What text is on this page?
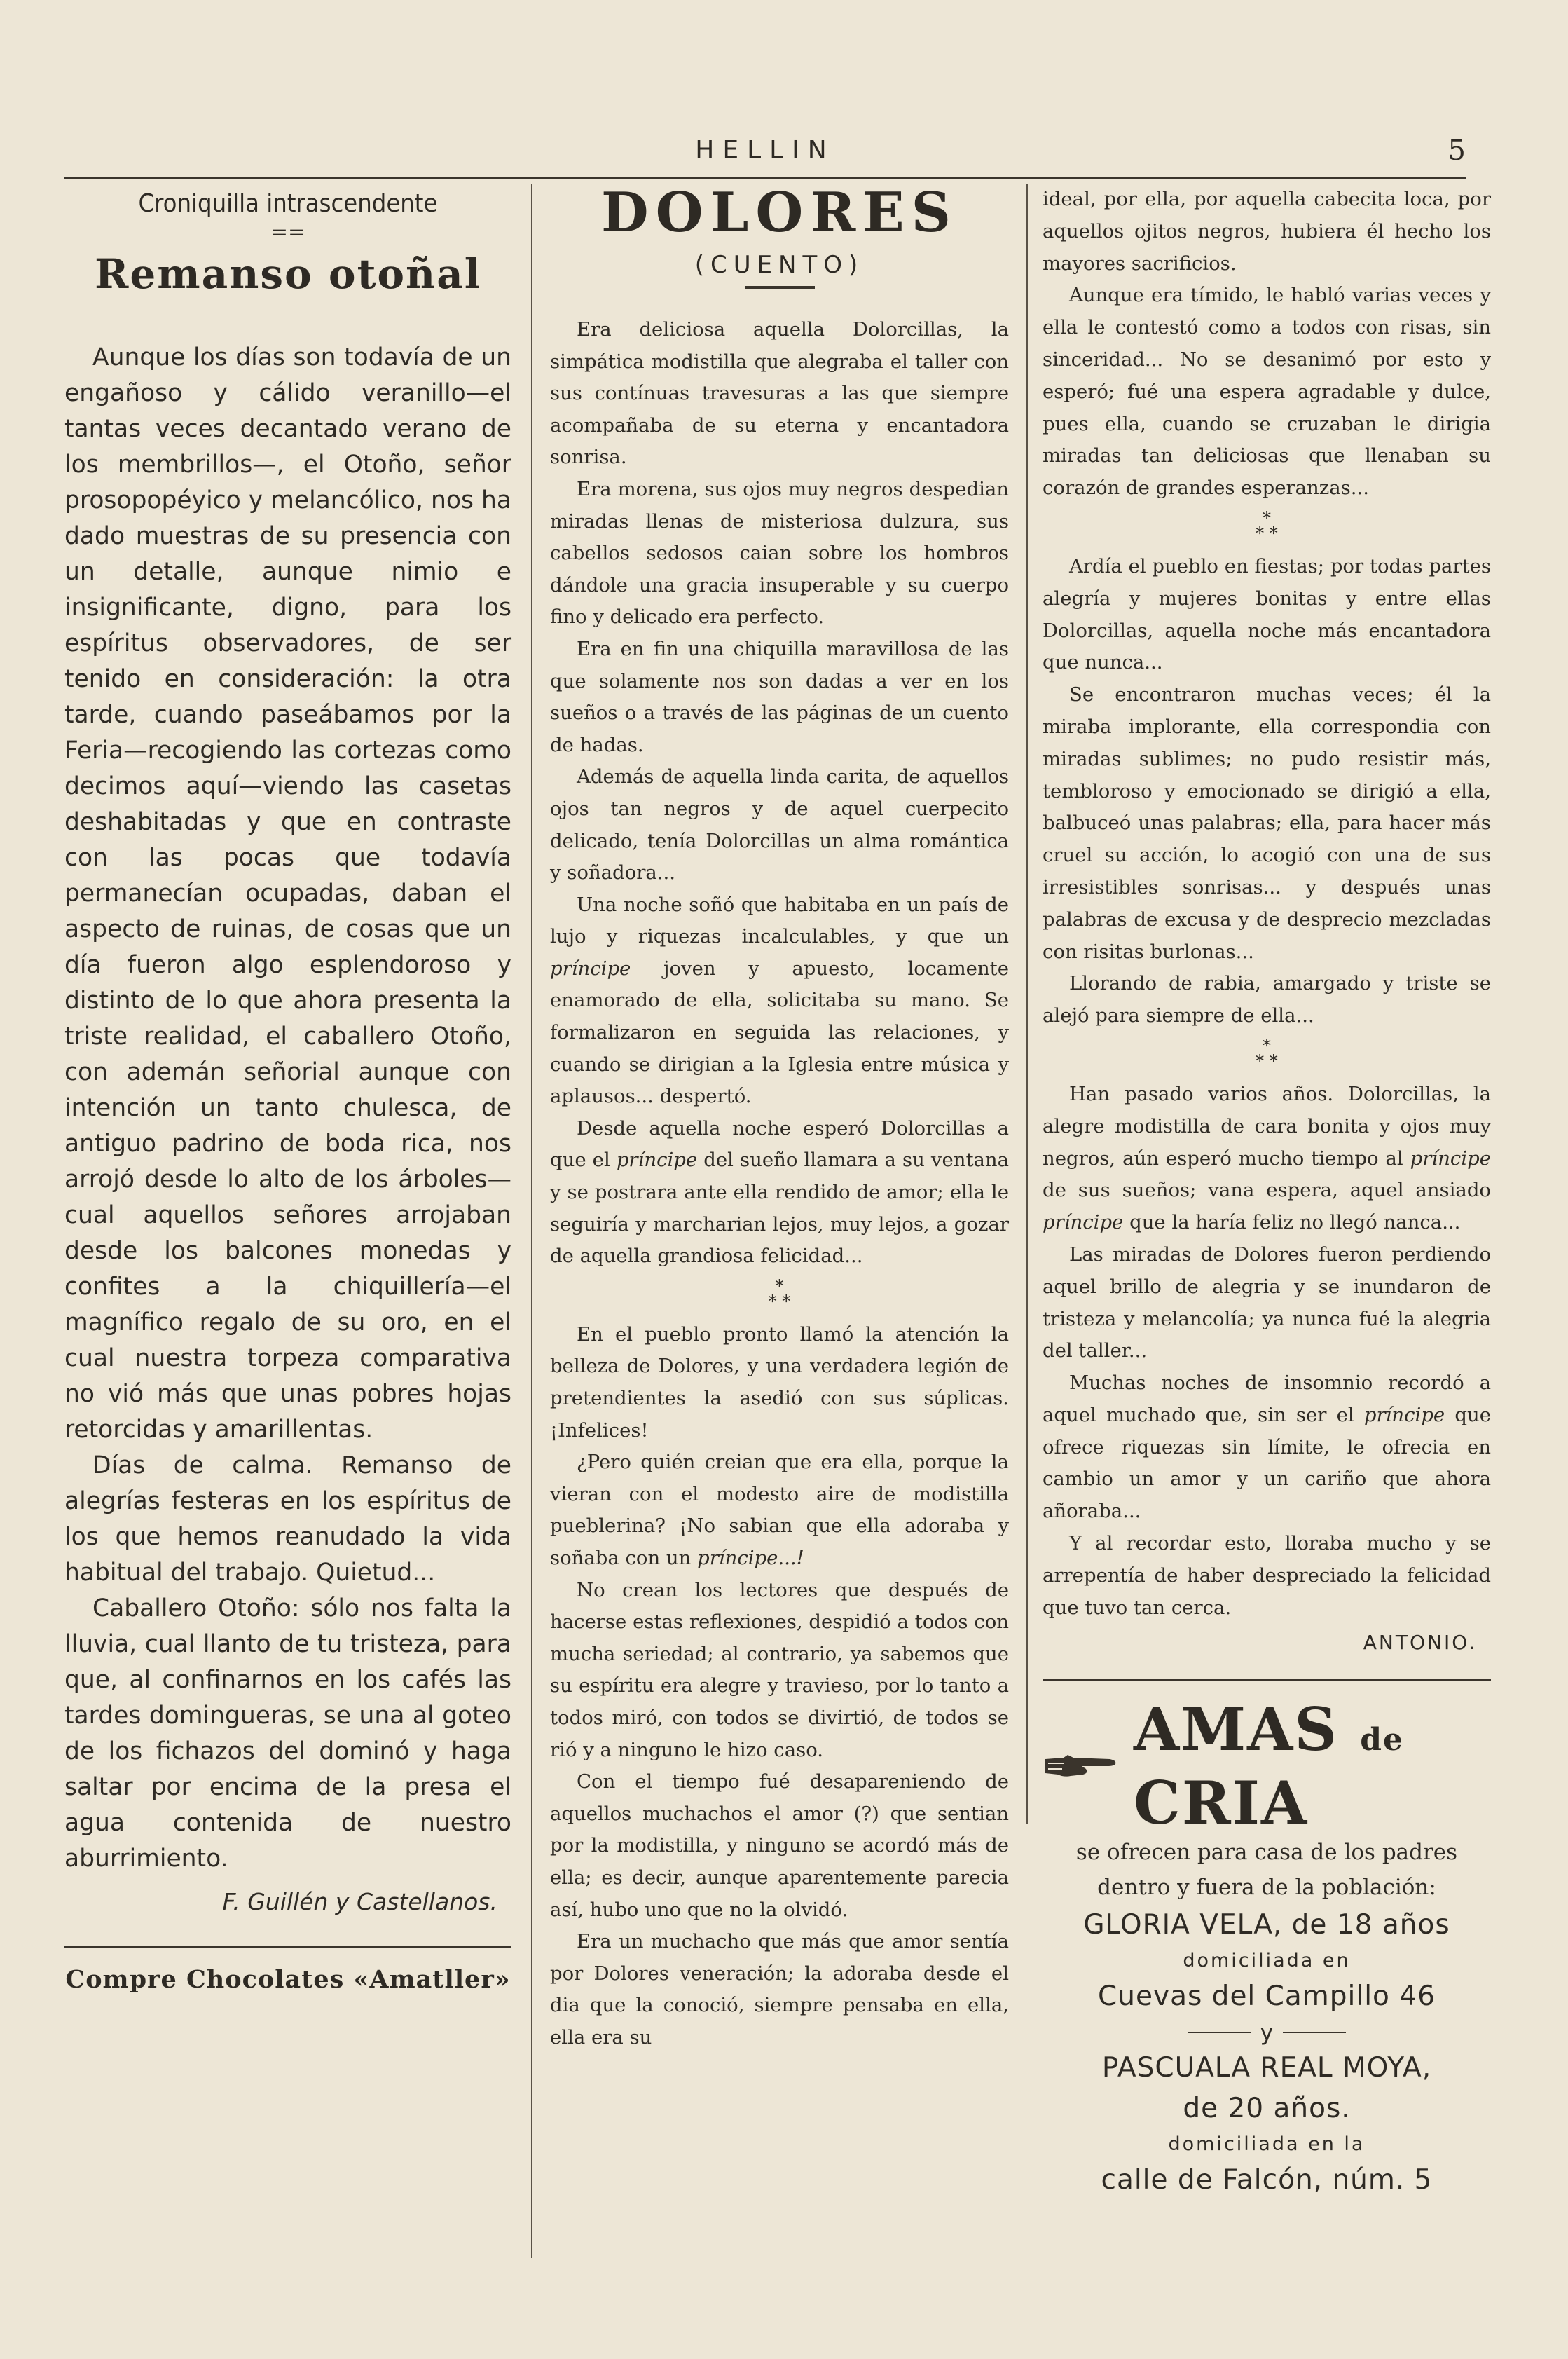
HELLIN	5
Croniquilla intrascendente
==
Remanso otoñal

Aunque los días son todavía de un engañoso y cálido veranillo—el tantas veces decantado verano de los membrillos—, el Otoño, señor prosopopéyico y melancólico, nos ha dado muestras de su presencia con un detalle, aunque nimio e insignificante, digno, para los espíritus observadores, de ser tenido en consideración: la otra tarde, cuando paseábamos por la Feria—recogiendo las cortezas como decimos aquí—viendo las casetas deshabitadas y que en contraste con las pocas que todavía permanecían ocupadas, daban el aspecto de ruinas, de cosas que un día fueron algo esplendoroso y distinto de lo que ahora presenta la triste realidad, el caballero Otoño, con ademán señorial aunque con intención un tanto chulesca, de antiguo padrino de boda rica, nos arrojó desde lo alto de los árboles—cual aquellos señores arrojaban desde los balcones monedas y confites a la chiquillería—el magnífico regalo de su oro, en el cual nuestra torpeza comparativa no vió más que unas pobres hojas retorcidas y amarillentas.

Días de calma. Remanso de alegrías festeras en los espíritus de los que hemos reanudado la vida habitual del trabajo. Quietud...

Caballero Otoño: sólo nos falta la lluvia, cual llanto de tu tristeza, para que, al confinarnos en los cafés las tardes domingueras, se una al goteo de los fichazos del dominó y haga saltar por encima de la presa el agua contenida de nuestro aburrimiento.

F. Guillén y Castellanos.
Compre Chocolates «Amatller»
DOLORES
(CUENTO)

Era deliciosa aquella Dolorcillas, la simpática modistilla que alegraba el taller con sus contínuas travesuras a las que siempre acompañaba de su eterna y encantadora sonrisa.

Era morena, sus ojos muy negros despedian miradas llenas de misteriosa dulzura, sus cabellos sedosos caian sobre los hombros dándole una gracia insuperable y su cuerpo fino y delicado era perfecto.

Era en fin una chiquilla maravillosa de las que solamente nos son dadas a ver en los sueños o a través de las páginas de un cuento de hadas.

Además de aquella linda carita, de aquellos ojos tan negros y de aquel cuerpecito delicado, tenía Dolorcillas un alma romántica y soñadora...

Una noche soñó que habitaba en un país de lujo y riquezas incalculables, y que un príncipe joven y apuesto, locamente enamorado de ella, solicitaba su mano. Se formalizaron en seguida las relaciones, y cuando se dirigian a la Iglesia entre música y aplausos... despertó.

Desde aquella noche esperó Dolorcillas a que el príncipe del sueño llamara a su ventana y se postrara ante ella rendido de amor; ella le seguiría y marcharian lejos, muy lejos, a gozar de aquella grandiosa felicidad...

*
* *

En el pueblo pronto llamó la atención la belleza de Dolores, y una verdadera legión de pretendientes la asedió con sus súplicas. ¡Infelices!

¿Pero quién creian que era ella, porque la vieran con el modesto aire de modistilla pueblerina? ¡No sabian que ella adoraba y soñaba con un príncipe...!

No crean los lectores que después de hacerse estas reflexiones, despidió a todos con mucha seriedad; al contrario, ya sabemos que su espíritu era alegre y travieso, por lo tanto a todos miró, con todos se divirtió, de todos se rió y a ninguno le hizo caso.

Con el tiempo fué desapareniendo de aquellos muchachos el amor (?) que sentian por la modistilla, y ninguno se acordó más de ella; es decir, aunque aparentemente parecia así, hubo uno que no la olvidó.

Era un muchacho que más que amor sentía por Dolores veneración; la adoraba desde el dia que la conoció, siempre pensaba en ella, ella era su

ideal, por ella, por aquella cabecita loca, por aquellos ojitos negros, hubiera él hecho los mayores sacrificios.

Aunque era tímido, le habló varias veces y ella le contestó como a todos con risas, sin sinceridad... No se desanimó por esto y esperó; fué una espera agradable y dulce, pues ella, cuando se cruzaban le dirigia miradas tan deliciosas que llenaban su corazón de grandes esperanzas...

*
* *

Ardía el pueblo en fiestas; por todas partes alegría y mujeres bonitas y entre ellas Dolorcillas, aquella noche más encantadora que nunca...

Se encontraron muchas veces; él la miraba implorante, ella correspondia con miradas sublimes; no pudo resistir más, tembloroso y emocionado se dirigió a ella, balbuceó unas palabras; ella, para hacer más cruel su acción, lo acogió con una de sus irresistibles sonrisas... y después unas palabras de excusa y de desprecio mezcladas con risitas burlonas...

Llorando de rabia, amargado y triste se alejó para siempre de ella...

*
* *

Han pasado varios años. Dolorcillas, la alegre modistilla de cara bonita y ojos muy negros, aún esperó mucho tiempo al príncipe de sus sueños; vana espera, aquel ansiado príncipe que la haría feliz no llegó nanca...

Las miradas de Dolores fueron perdiendo aquel brillo de alegria y se inundaron de tristeza y melancolía; ya nunca fué la alegria del taller...

Muchas noches de insomnio recordó a aquel muchado que, sin ser el príncipe que ofrece riquezas sin límite, le ofrecia en cambio un amor y un cariño que ahora añoraba...

Y al recordar esto, lloraba mucho y se arrepentía de haber despreciado la felicidad que tuvo tan cerca.

ANTONIO.
AMAS de CRIA
se ofrecen para casa de los padres
dentro y fuera de la población:
GLORIA VELA, de 18 años
domiciliada en
Cuevas del Campillo 46
y
PASCUALA REAL MOYA,
de 20 años.
domiciliada en la
calle de Falcón, núm. 5
